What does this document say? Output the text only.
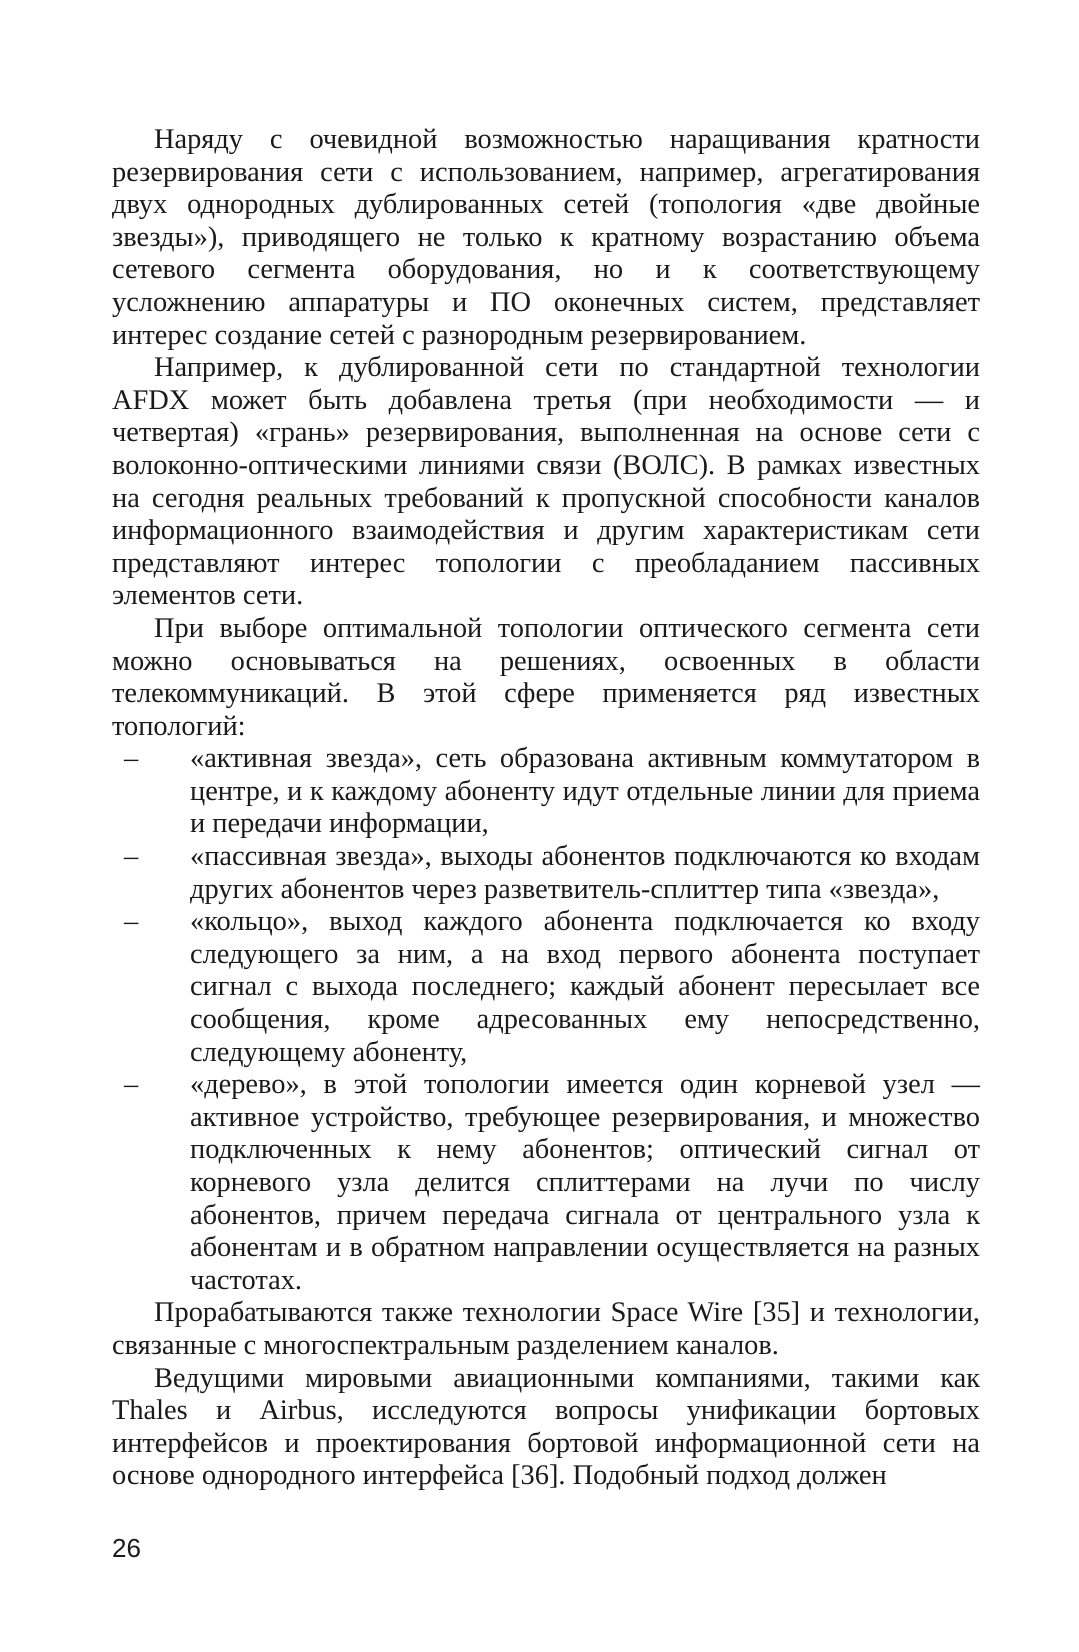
Наряду с очевидной возможностью наращивания кратности резервирования сети с использованием, например, агрегатирования двух однородных дублированных сетей (топология «две двойные звезды»), приводящего не только к кратному возрастанию объема сетевого сегмента оборудования, но и к соответствующему усложнению аппаратуры и ПО оконечных систем, представляет интерес создание сетей с разнородным резервированием.

Например, к дублированной сети по стандартной технологии AFDX может быть добавлена третья (при необходимости — и четвертая) «грань» резервирования, выполненная на основе сети с волоконно-оптическими линиями связи (ВОЛС). В рамках известных на сегодня реальных требований к пропускной способности каналов информационного взаимодействия и другим характеристикам сети представляют интерес топологии с преобладанием пассивных элементов сети.

При выборе оптимальной топологии оптического сегмента сети можно основываться на решениях, освоенных в области телекоммуникаций. В этой сфере применяется ряд известных топологий:

– «активная звезда», сеть образована активным коммутатором в центре, и к каждому абоненту идут отдельные линии для приема и передачи информации,
– «пассивная звезда», выходы абонентов подключаются ко входам других абонентов через разветвитель-сплиттер типа «звезда»,
– «кольцо», выход каждого абонента подключается ко входу следующего за ним, а на вход первого абонента поступает сигнал с выхода последнего; каждый абонент пересылает все сообщения, кроме адресованных ему непосредственно, следующему абоненту,
– «дерево», в этой топологии имеется один корневой узел — активное устройство, требующее резервирования, и множество подключенных к нему абонентов; оптический сигнал от корневого узла делится сплиттерами на лучи по числу абонентов, причем передача сигнала от центрального узла к абонентам и в обратном направлении осуществляется на разных частотах.

Прорабатываются также технологии Space Wire [35] и технологии, связанные с многоспектральным разделением каналов.

Ведущими мировыми авиационными компаниями, такими как Thales и Airbus, исследуются вопросы унификации бортовых интерфейсов и проектирования бортовой информационной сети на основе однородного интерфейса [36]. Подобный подход должен

26
